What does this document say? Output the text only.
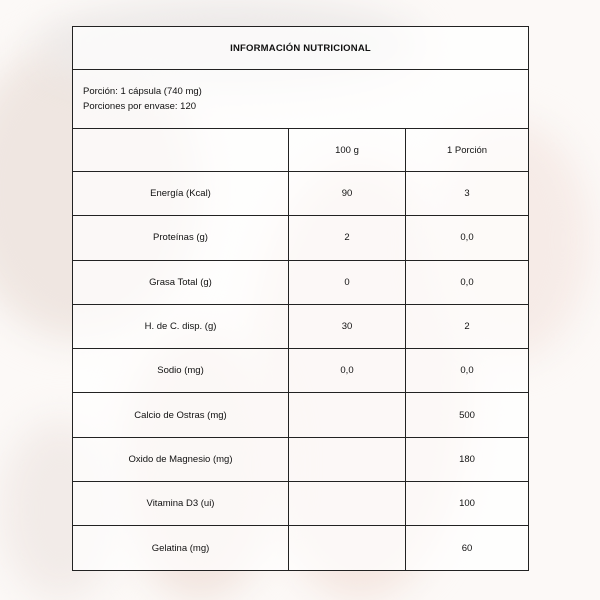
INFORMACIÓN NUTRICIONAL		

Porción: 1 cápsula (740 mg)
Porciones por envase: 120		

	100 g	1 Porción
Energía (Kcal)	90	3
Proteínas (g)	2	0,0
Grasa Total (g)	0	0,0
H. de C. disp. (g)	30	2
Sodio (mg)	0,0	0,0
Calcio de Ostras (mg)		500
Oxido de Magnesio (mg)		180
Vitamina D3 (ui)		100
Gelatina (mg)		60
